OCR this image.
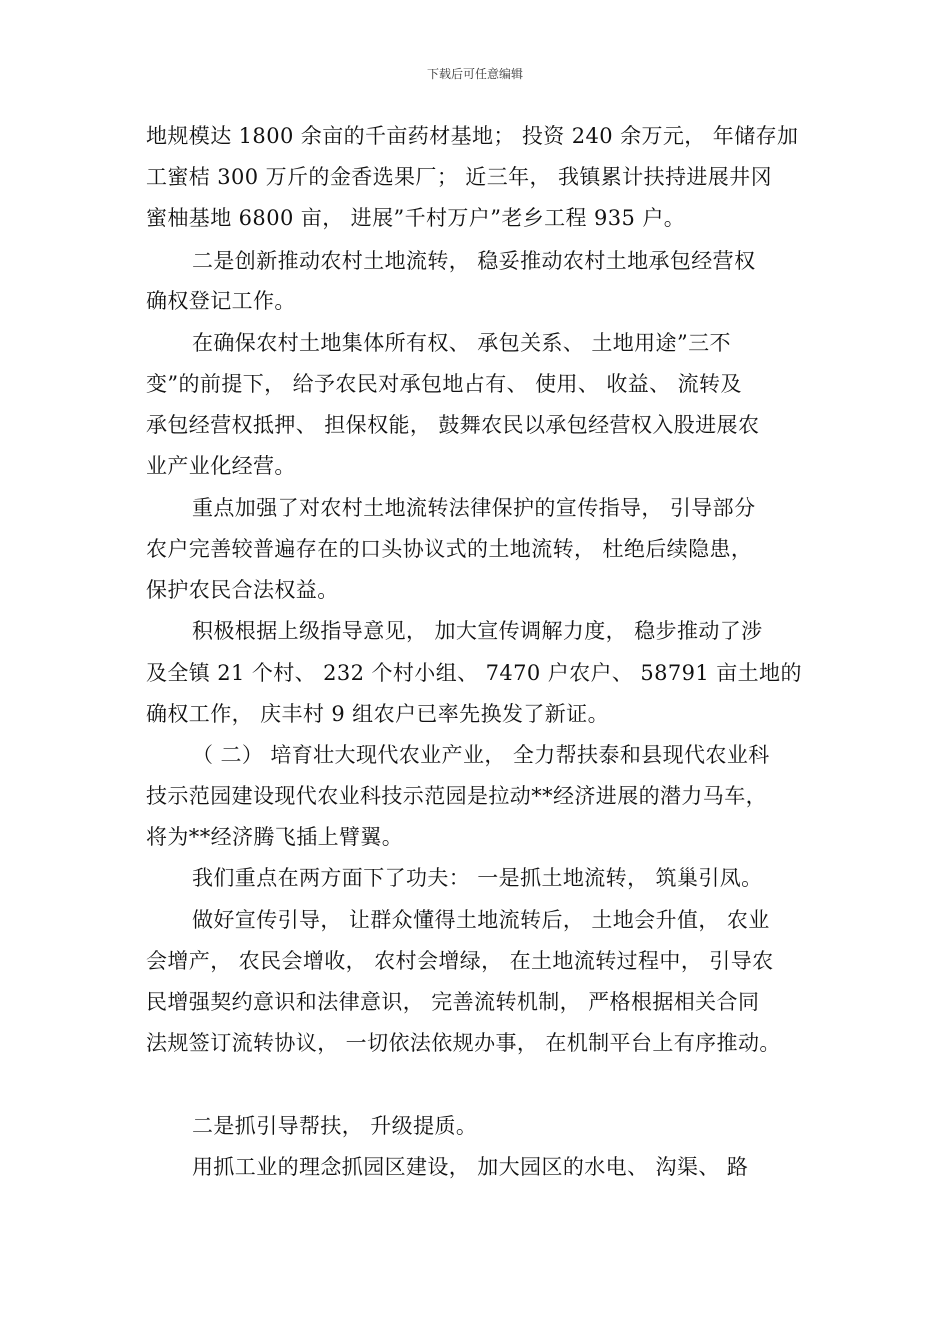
下载后可任意编辑
地规模达 1800 余亩的千亩药材基地； 投资 240 余万元， 年储存加
工蜜桔 300 万斤的金香选果厂； 近三年， 我镇累计扶持进展井冈
蜜柚基地 6800 亩， 进展”千村万户”老乡工程 935 户。
二是创新推动农村土地流转， 稳妥推动农村土地承包经营权
确权登记工作。
在确保农村土地集体所有权、 承包关系、 土地用途”三不
变”的前提下， 给予农民对承包地占有、 使用、 收益、 流转及
承包经营权抵押、 担保权能， 鼓舞农民以承包经营权入股进展农
业产业化经营。
重点加强了对农村土地流转法律保护的宣传指导， 引导部分
农户完善较普遍存在的口头协议式的土地流转， 杜绝后续隐患，
保护农民合法权益。
积极根据上级指导意见， 加大宣传调解力度， 稳步推动了涉
及全镇 21 个村、 232 个村小组、 7470 户农户、 58791 亩土地的
确权工作， 庆丰村 9 组农户已率先换发了新证。
（ 二） 培育壮大现代农业产业， 全力帮扶泰和县现代农业科
技示范园建设现代农业科技示范园是拉动**经济进展的潜力马车，
将为**经济腾飞插上臂翼。
我们重点在两方面下了功夫： 一是抓土地流转， 筑巢引凤。
做好宣传引导， 让群众懂得土地流转后， 土地会升值， 农业
会增产， 农民会增收， 农村会增绿， 在土地流转过程中， 引导农
民增强契约意识和法律意识， 完善流转机制， 严格根据相关合同
法规签订流转协议， 一切依法依规办事， 在机制平台上有序推动。
二是抓引导帮扶， 升级提质。
用抓工业的理念抓园区建设， 加大园区的水电、 沟渠、 路
